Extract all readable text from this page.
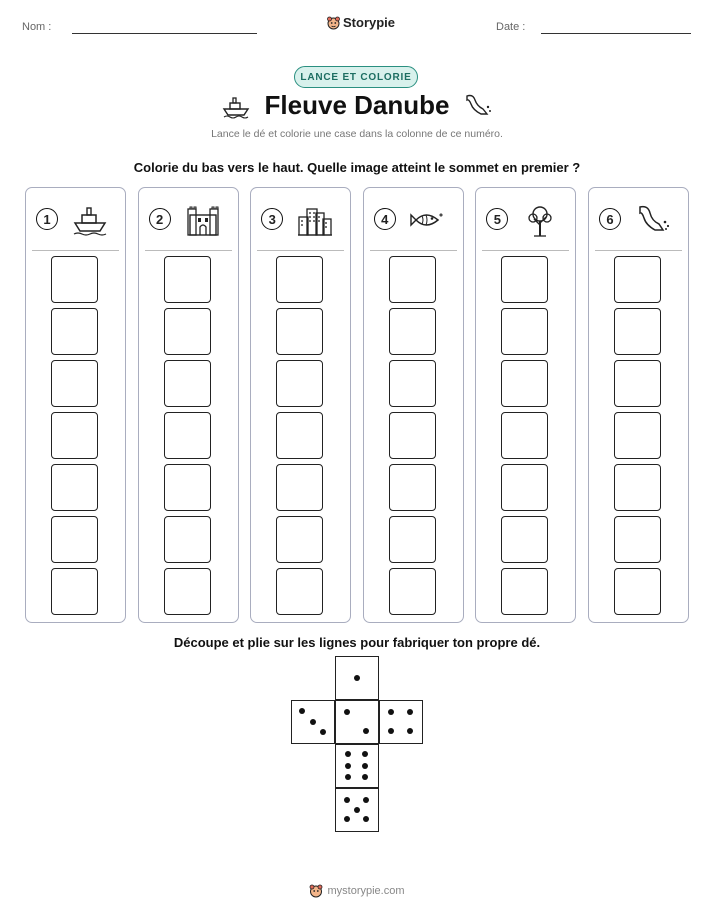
Nom :	Storypie	Date :
LANCE ET COLORIE
Fleuve Danube
Lance le dé et colorie une case dans la colonne de ce numéro.
Colorie du bas vers le haut. Quelle image atteint le sommet en premier ?
1	2	3	4	5	6
Découpe et plie sur les lignes pour fabriquer ton propre dé.
mystorypie.com
